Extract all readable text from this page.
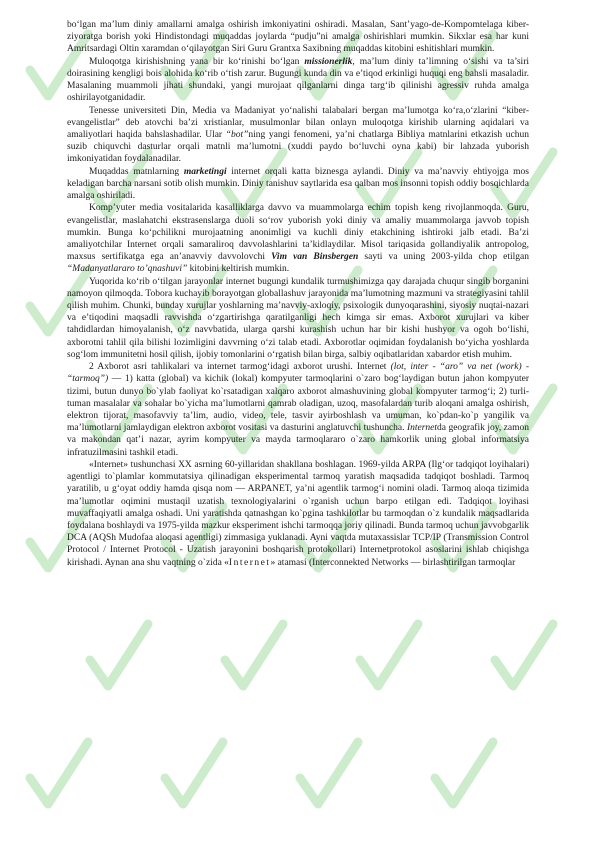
bo‘lgan ma’lum diniy amallarni amalga oshirish imkoniyatini oshiradi. Masalan, Sant’yago-de-Kompomtelaga kiber-ziyoratga borish yoki Hindistondagi muqaddas joylarda “pudju”ni amalga oshirishlari mumkin. Sikxlar esa har kuni Amritsardagi Oltin xaramdan o‘qilayotgan Siri Guru Grantxa Saxibning muqaddas kitobini eshitishlari mumkin.

Muloqotga kirishishning yana bir ko‘rinishi bo‘lgan missionerlik, ma’lum diniy ta’limning o‘sishi va ta’siri doirasining kengligi bois alohida ko‘rib o‘tish zarur. Bugungi kunda din va e’tiqod erkinligi huquqi eng bahsli masaladir. Masalaning muammoli jihati shundaki, yangi murojaat qilganlarni dinga targ‘ib qilinishi agressiv ruhda amalga oshirilayotganidadir.

Tenesse universiteti Din, Media va Madaniyat yo‘nalishi talabalari bergan ma’lumotga ko‘ra,o‘zlarini “kiber-evangelistlar” deb atovchi ba’zi xristianlar, musulmonlar bilan onlayn muloqotga kirishib ularning aqidalari va amaliyotlari haqida bahslashadilar. Ular “bot”ning yangi fenomeni, ya’ni chatlarga Bibliya matnlarini etkazish uchun suzib chiquvchi dasturlar orqali matnli ma’lumotni (xuddi paydo bo‘luvchi oyna kabi) bir lahzada yuborish imkoniyatidan foydalanadilar.

Muqaddas matnlarning marketingi internet orqali katta biznesga aylandi. Diniy va ma’navviy ehtiyojga mos keladigan barcha narsani sotib olish mumkin. Diniy tanishuv saytlarida esa qalban mos insonni topish oddiy bosqichlarda amalga oshiriladi.

Komp’yuter media vositalarida kasalliklarga davvo va muammolarga echim topish keng rivojlanmoqda. Guru, evangelistlar, maslahatchi ekstrasenslarga duoli so‘rov yuborish yoki diniy va amaliy muammolarga javvob topish mumkin. Bunga ko‘pchilikni murojaatning anonimligi va kuchli diniy etakchining ishtiroki jalb etadi. Ba’zi amaliyotchilar Internet orqali samaraliroq davvolashlarini ta’kidlaydilar. Misol tariqasida gollandiyalik antropolog, maxsus sertifikatga ega an’anavviy davvolovchi Vim van Binsbergen sayti va uning 2003-yilda chop etilgan “Madanyatlararo to’qnashuvi” kitobini keltirish mumkin.

Yuqorida ko‘rib o‘tilgan jarayonlar internet bugungi kundalik turmushimizga qay darajada chuqur singib borganini namoyon qilmoqda. Tobora kuchayib borayotgan globallashuv jarayonida ma’lumotning mazmuni va strategiyasini tahlil qilish muhim. Chunki, bunday xurujlar yoshlarning ma’navviy-axloqiy, psixologik dunyoqarashini, siyosiy nuqtai-nazari va e’tiqodini maqsadli ravvishda o‘zgartirishga qaratilganligi hech kimga sir emas. Axborot xurujlari va kiber tahdidlardan himoyalanish, o‘z navvbatida, ularga qarshi kurashish uchun har bir kishi hushyor va ogoh bo‘lishi, axborotni tahlil qila bilishi lozimligini davvrning o‘zi talab etadi. Axborotlar oqimidan foydalanish bo‘yicha yoshlarda sog‘lom immunitetni hosil qilish, ijobiy tomonlarini o‘rgatish bilan birga, salbiy oqibatlaridan xabardor etish muhim.

2 Axborot asri tahlikalari va internet tarmog‘idagi axborot urushi. Internet (lot, inter - “aro” va net (work) - “tarmoq”) — 1) katta (global) va kichik (lokal) kompyuter tarmoqlarini o`zaro bog‘laydigan butun jahon kompyuter tizimi, butun dunyo bo`ylab faoliyat ko`rsatadigan xalqaro axborot almashuvining global kompyuter tarmog‘i; 2) turli-tuman masalalar va sohalar bo`yicha ma’lumotlarni qamrab oladigan, uzoq, masofalardan turib aloqani amalga oshirish, elektron tijorat, masofavviy ta’lim, audio, video, tele, tasvir ayirboshlash va umuman, ko`pdan-ko`p yangilik va ma’lumotlarni jamlaydigan elektron axborot vositasi va dasturini anglatuvchi tushuncha. Internetda geografik joy, zamon va makondan qat’i nazar, ayrim kompyuter va mayda tarmoqlararo o`zaro hamkorlik uning global informatsiya infratuzilmasini tashkil etadi.

«Internet» tushunchasi XX asrning 60-yillaridan shakllana boshlagan. 1969-yilda ARPA (Ilg‘or tadqiqot loyihalari) agentligi to`plamlar kommutatsiya qilinadigan eksperimental tarmoq yaratish maqsadida tadqiqot boshladi. Tarmoq yaratilib, u g‘oyat oddiy hamda qisqa nom — ARPANET, ya’ni agentlik tarmog‘i nomini oladi. Tarmoq aloqa tizimida ma’lumotlar oqimini mustaqil uzatish texnologiyalarini o`rganish uchun barpo etilgan edi. Tadqiqot loyihasi muvaffaqiyatli amalga oshadi. Uni yaratishda qatnashgan ko`pgina tashkilotlar bu tarmoqdan o`z kundalik maqsadlarida foydalana boshlaydi va 1975-yilda mazkur eksperiment ishchi tarmoqqa joriy qilinadi. Bunda tarmoq uchun javvobgarlik DCA (AQSh Mudofaa aloqasi agentligi) zimmasiga yuklanadi. Ayni vaqtda mutaxassislar TCP/IP (Transmission Control Protocol / Internet Protocol - Uzatish jarayonini boshqarish protokollari) Internetprotokol asoslarini ishlab chiqishga kirishadi. Aynan ana shu vaqtning o`zida «Internet» atamasi (Interconnekted Networks — birlashtirilgan tarmoqlar
